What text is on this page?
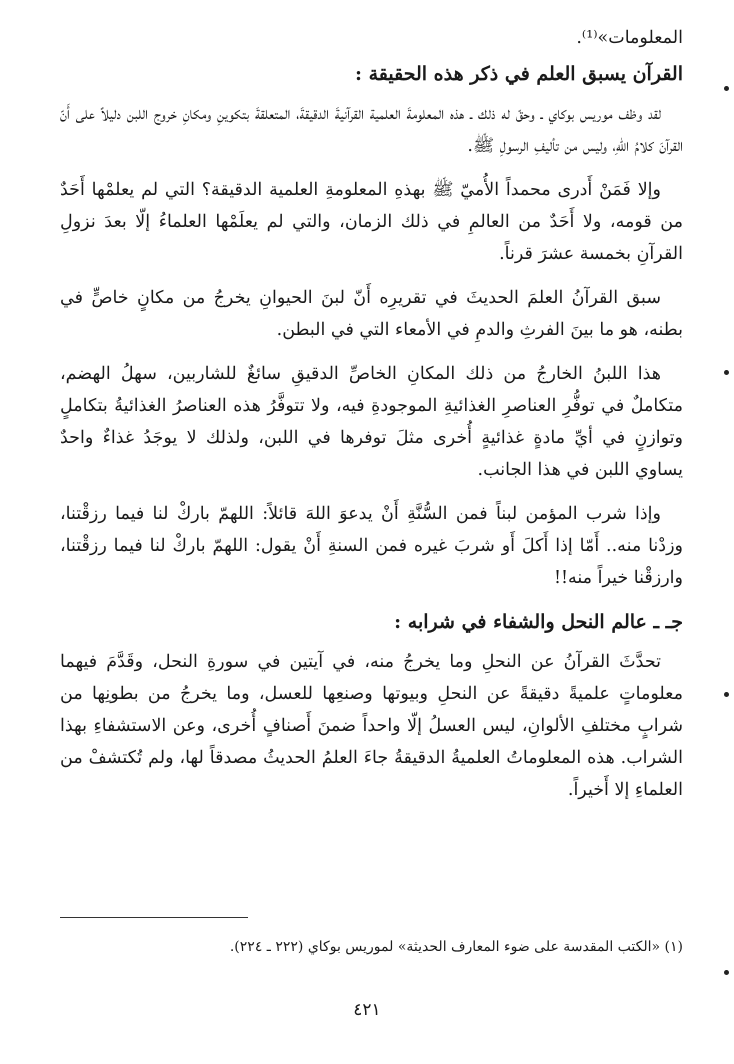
المعلومات»⁽¹⁾.

القرآن يسبق العلم في ذكر هذه الحقيقة :

لقد وظف موريس بوكاي ـ وحقّ له ذلك ـ هذه المعلومةَ العلمية القرآنيةَ الدقيقةَ، المتعلقةَ بتكوينِ ومكانِ خروج اللبن دليلاً على أَنّ القرآنَ كلامُ اللهِ، وليس من تأليفِ الرسولِ ﷺ.

وإلا فَمَنْ أَدرى محمداً الأُميّ ﷺ بهذهِ المعلومةِ العلمية الدقيقة؟ التي لم يعلمْها أَحَدٌ من قومه، ولا أَحَدٌ من العالمِ في ذلك الزمان، والتي لم يعلَمْها العلماءُ إلّا بعدَ نزولِ القرآنِ بخمسة عشرَ قرناً.

سبق القرآنُ العلمَ الحديثَ في تقريرِه أَنّ لبنَ الحيوانِ يخرجُ من مكانٍ خاصٍّ في بطنه، هو ما بينَ الفرثِ والدمِ في الأمعاء التي في البطن.

هذا اللبنُ الخارجُ من ذلك المكانِ الخاصِّ الدقيقِ سائغٌ للشاربين، سهلُ الهضم، متكاملٌ في توفُّرِ العناصرِ الغذائيةِ الموجودةِ فيه، ولا تتوفَّرُ هذه العناصرُ الغذائيةُ بتكاملٍ وتوازنٍ في أيِّ مادةٍ غذائيةٍ أُخرى مثلَ توفرها في اللبن، ولذلك لا يوجَدُ غذاءٌ واحدٌ يساوي اللبن في هذا الجانب.

وإذا شرب المؤمن لبناً فمن السُّنَّةِ أَنْ يدعوَ اللهَ قائلاً: اللهمّ باركْ لنا فيما رزقْتنا، وزدْنا منه.. أَمّا إذا أَكلَ أَو شربَ غيره فمن السنةِ أَنْ يقول: اللهمّ باركْ لنا فيما رزقْتنا، وارزقْنا خيراً منه!!

جـ ـ عالم النحل والشفاء في شرابه :

تحدَّثَ القرآنُ عن النحلِ وما يخرجُ منه، في آيتين في سورةِ النحل، وقَدَّمَ فيهما معلوماتٍ علميةً دقيقةً عن النحلِ وبيوتها وصنعِها للعسل، وما يخرجُ من بطونِها من شرابٍ مختلفِ الألوانِ، ليس العسلُ إلّا واحداً ضمنَ أَصنافٍ أُخرى، وعن الاستشفاءِ بهذا الشراب. هذه المعلوماتُ العلميةُ الدقيقةُ جاءَ العلمُ الحديثُ مصدقاً لها، ولم تُكتشفْ من العلماءِ إلا أَخيراً.

(١) «الكتب المقدسة على ضوء المعارف الحديثة» لموريس بوكاي (٢٢٢ ـ ٢٢٤).
٤٢١
